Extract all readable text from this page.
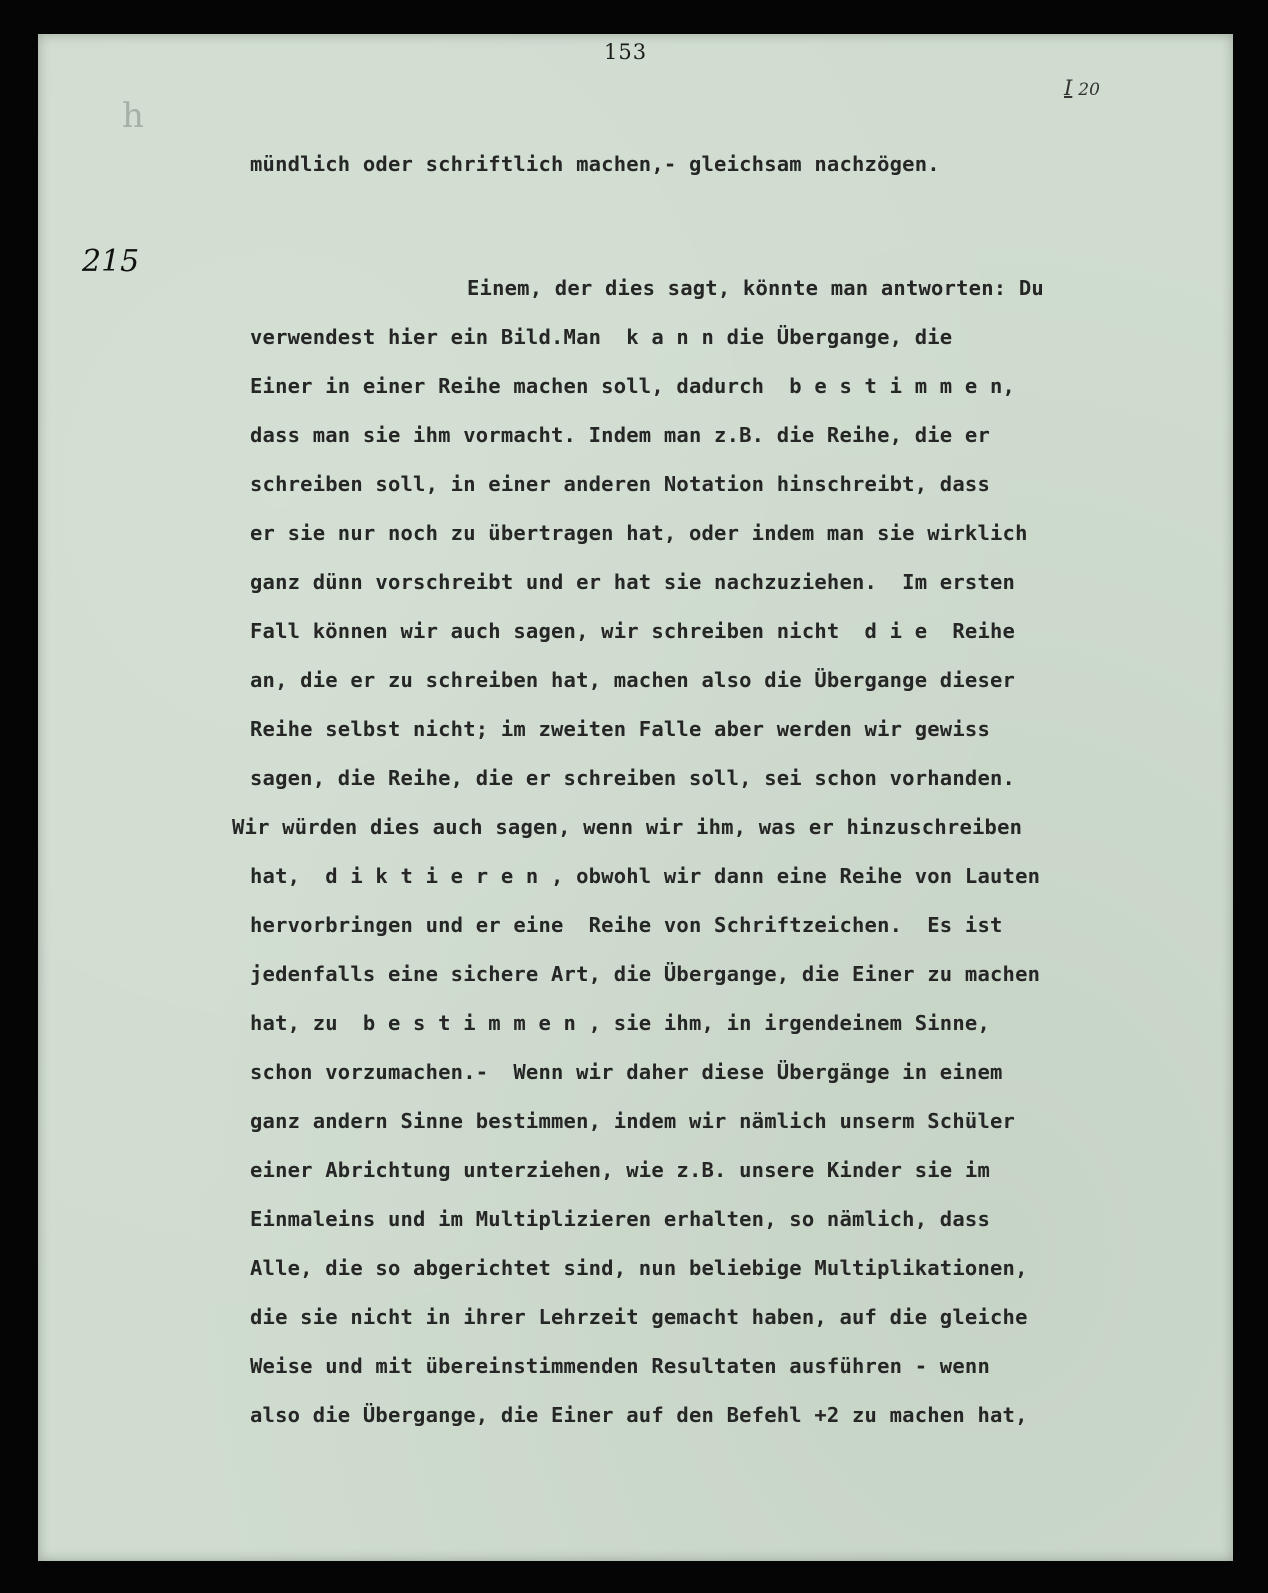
153
I 20
h
215
mündlich oder schriftlich machen,- gleichsam nachzögen.
Einem, der dies sagt, könnte man antworten: Du
verwendest hier ein Bild.Man  k a n n die Übergange, die
Einer in einer Reihe machen soll, dadurch  b e s t i m m e n,
dass man sie ihm vormacht. Indem man z.B. die Reihe, die er
schreiben soll, in einer anderen Notation hinschreibt, dass
er sie nur noch zu übertragen hat, oder indem man sie wirklich
ganz dünn vorschreibt und er hat sie nachzuziehen.  Im ersten
Fall können wir auch sagen, wir schreiben nicht  d i e  Reihe
an, die er zu schreiben hat, machen also die Übergange dieser
Reihe selbst nicht; im zweiten Falle aber werden wir gewiss
sagen, die Reihe, die er schreiben soll, sei schon vorhanden.
Wir würden dies auch sagen, wenn wir ihm, was er hinzuschreiben
hat,  d i k t i e r e n , obwohl wir dann eine Reihe von Lauten
hervorbringen und er eine  Reihe von Schriftzeichen.  Es ist
jedenfalls eine sichere Art, die Übergange, die Einer zu machen
hat, zu  b e s t i m m e n , sie ihm, in irgendeinem Sinne,
schon vorzumachen.-  Wenn wir daher diese Übergänge in einem
ganz andern Sinne bestimmen, indem wir nämlich unserm Schüler
einer Abrichtung unterziehen, wie z.B. unsere Kinder sie im
Einmaleins und im Multiplizieren erhalten, so nämlich, dass
Alle, die so abgerichtet sind, nun beliebige Multiplikationen,
die sie nicht in ihrer Lehrzeit gemacht haben, auf die gleiche
Weise und mit übereinstimmenden Resultaten ausführen - wenn
also die Übergange, die Einer auf den Befehl +2 zu machen hat,
